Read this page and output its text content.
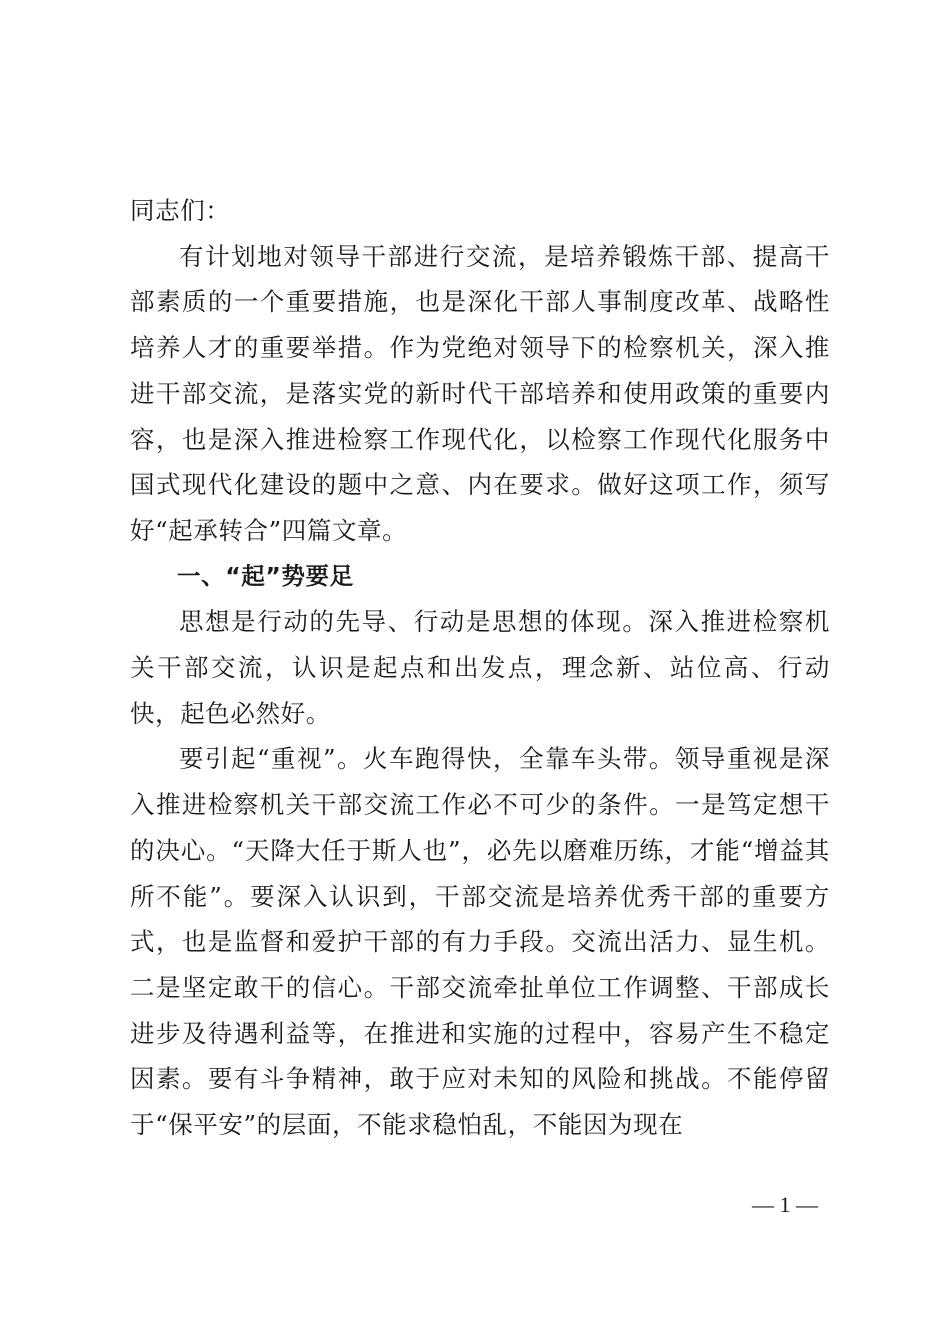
同志们：

有计划地对领导干部进行交流，是培养锻炼干部、提高干部素质的一个重要措施，也是深化干部人事制度改革、战略性培养人才的重要举措。作为党绝对领导下的检察机关，深入推进干部交流，是落实党的新时代干部培养和使用政策的重要内容，也是深入推进检察工作现代化，以检察工作现代化服务中国式现代化建设的题中之意、内在要求。做好这项工作，须写好“起承转合”四篇文章。

一、“起”势要足

思想是行动的先导、行动是思想的体现。深入推进检察机关干部交流，认识是起点和出发点，理念新、站位高、行动快，起色必然好。

要引起“重视”。火车跑得快，全靠车头带。领导重视是深入推进检察机关干部交流工作必不可少的条件。一是笃定想干的决心。“天降大任于斯人也”，必先以磨难历练，才能“增益其所不能”。要深入认识到，干部交流是培养优秀干部的重要方式，也是监督和爱护干部的有力手段。交流出活力、显生机。二是坚定敢干的信心。干部交流牵扯单位工作调整、干部成长进步及待遇利益等，在推进和实施的过程中，容易产生不稳定因素。要有斗争精神，敢于应对未知的风险和挑战。不能停留于“保平安”的层面，不能求稳怕乱，不能因为现在

— 1 —
